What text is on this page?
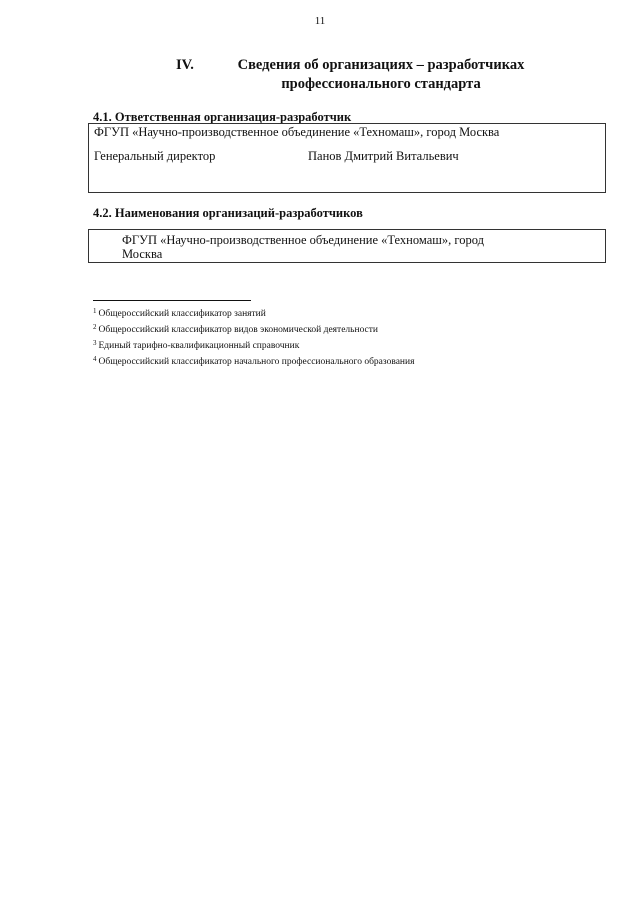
11
IV.	Сведения об организациях – разработчиках профессионального стандарта
4.1. Ответственная организация-разработчик
ФГУП «Научно-производственное объединение «Техномаш», город Москва
Генеральный директор	Панов Дмитрий Витальевич
4.2. Наименования организаций-разработчиков
ФГУП «Научно-производственное объединение «Техномаш», город Москва
$^1$ Общероссийский классификатор занятий
$^2$ Общероссийский классификатор видов экономической деятельности
$^3$ Единый тарифно-квалификационный справочник
$^4$ Общероссийский классификатор начального профессионального образования
